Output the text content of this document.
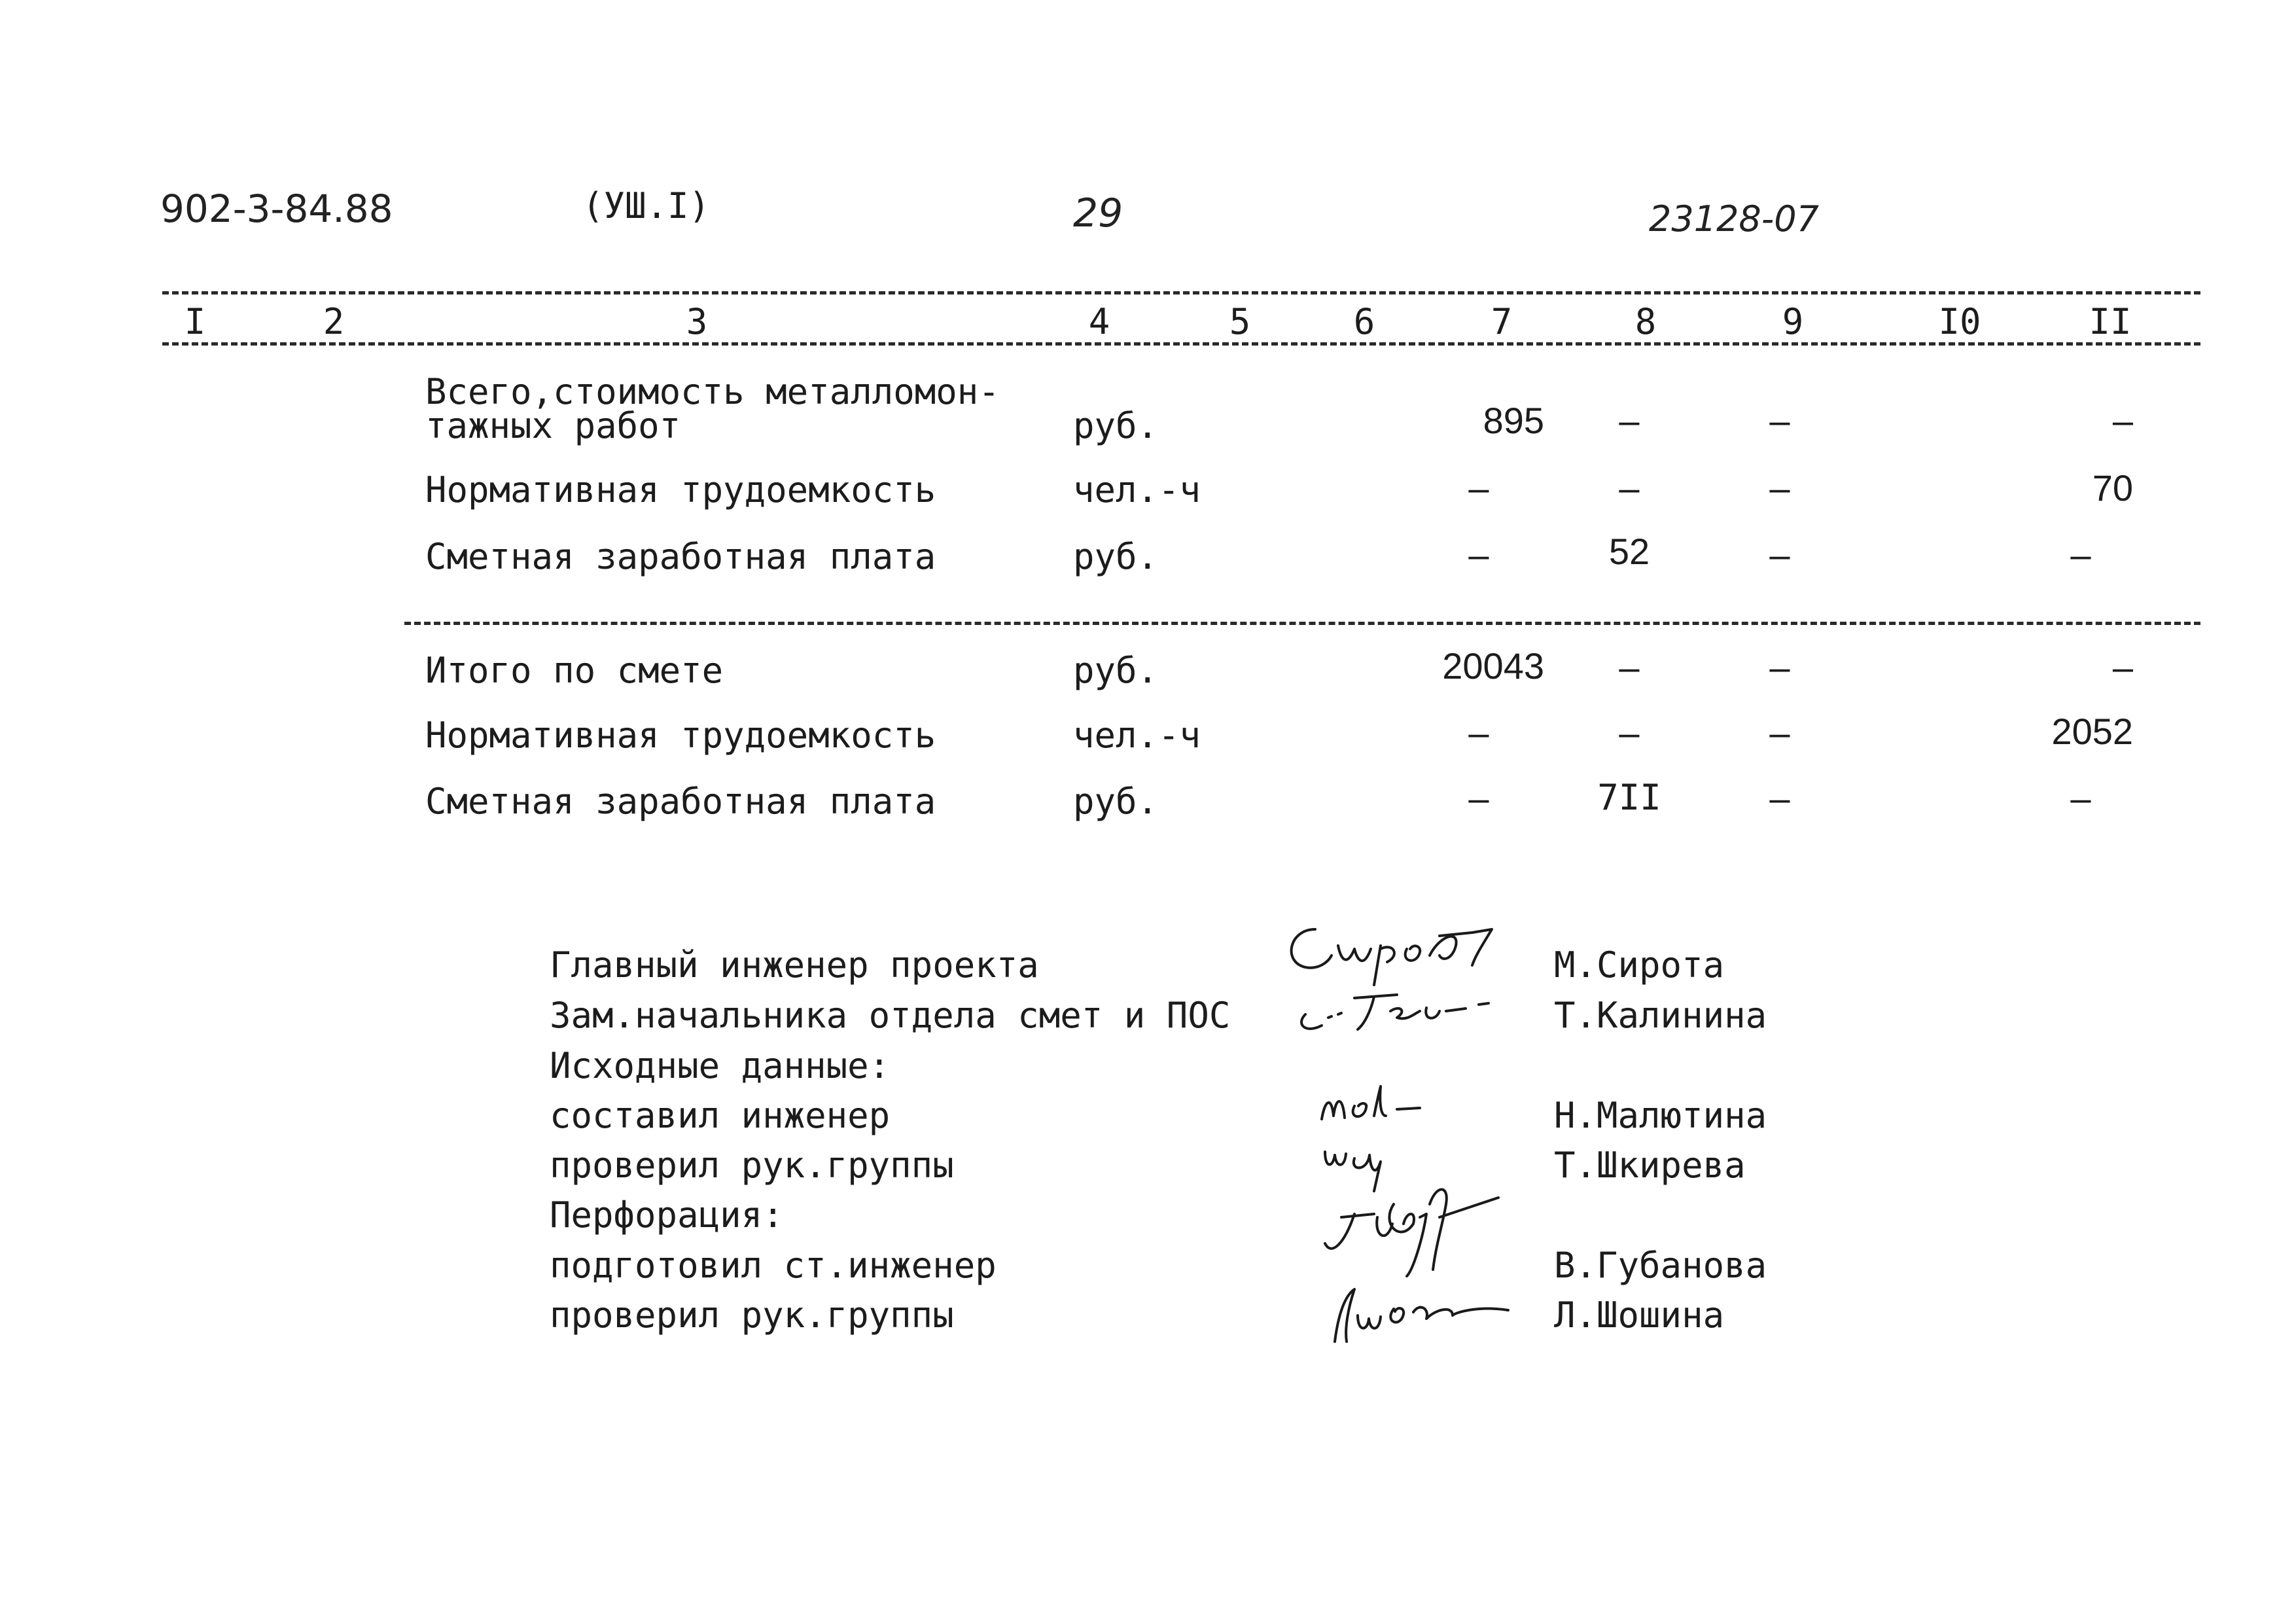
902-3-84.88	(УШ.I)	29	23128-07
I	2	3	4	5	6	7	8	9	I0	II
Всего,стоимость металломон-
тажных работ	руб.	895	–	–	–
Нормативная трудоемкость	чел.-ч	–	–	–	70
Сметная заработная плата	руб.	–	52	–	–
Итого по смете	руб.	20043	–	–	–
Нормативная трудоемкость	чел.-ч	–	–	–	2052
Сметная заработная плата	руб.	–	7II	–	–
Главный инженер проекта
Зам.начальника отдела смет и ПОС
Исходные данные:
составил инженер
проверил рук.группы
Перфорация:
подготовил ст.инженер
проверил рук.группы
М.Сирота
Т.Калинина
Н.Малютина
Т.Шкирева
В.Губанова
Л.Шошина
